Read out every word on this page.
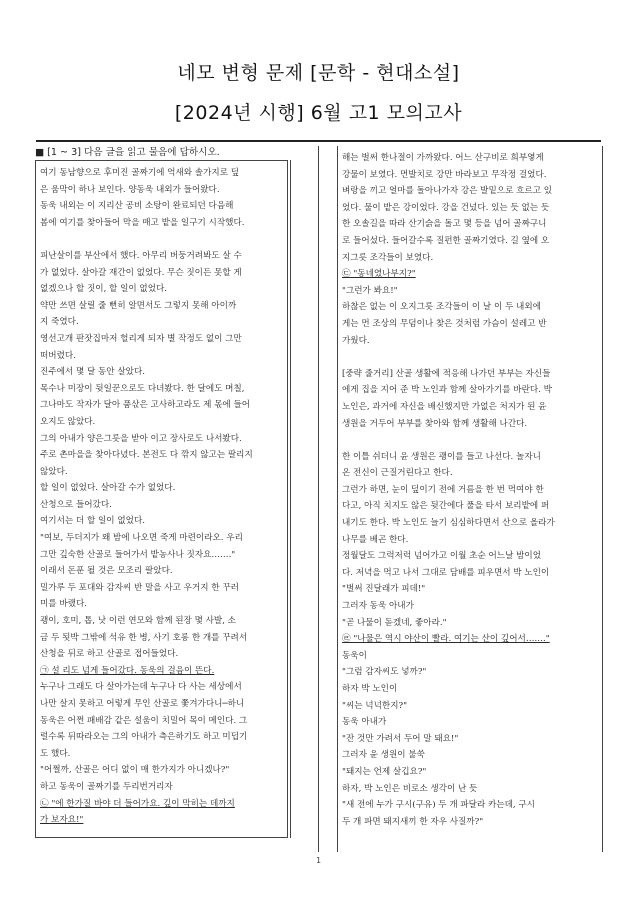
네모 변형 문제 [문학 - 현대소설]
[2024년 시행] 6월 고1 모의고사
■ [1 ~ 3] 다음 글을 읽고 물음에 답하시오.
여기 동남향으로 후미진 골짜기에 억새와 솔가지로 덮
은 움막이 하나 보인다. 양동욱 내외가 들어왔다.
동욱 내외는 이 지리산 공비 소탕이 완료되던 다음해
봄에 여기를 찾아들어 막을 매고 밭을 일구기 시작했다.
피난살이를 부산에서 했다. 아무리 버둥거려봐도 살 수
가 없었다. 살아갈 재간이 없었다. 무슨 짓이든 못할 게
없겠으나 할 짓이, 할 일이 없었다.
약만 쓰면 살릴 줄 뻔히 알면서도 그렇지 못해 아이까
지 죽였다.
영선고개 판잣집마저 헐리게 되자 별 작정도 없이 그만
떠버렸다.
진주에서 몇 달 동안 살았다.
목수나 미장이 뒷일꾼으로도 다녀봤다. 한 달에도 며칠,
그나마도 작자가 달아 품삯은 고사하고라도 제 몫에 들어
오지도 않았다.
그의 아내가 양은그릇을 받아 이고 장사로도 나서봤다.
주로 촌마을을 찾아다녔다. 본전도 다 깎지 않고는 팔리지
않았다.
할 일이 없었다. 살아갈 수가 없었다.
산청으로 들어갔다.
여기서는 더 할 일이 없었다.
"여보, 두더지가 왜 밤에 나오면 죽게 마련이라오. 우리
그만 깊숙한 산골로 들어가서 밭농사나 짓자요……."
이래서 돈푼 될 것은 모조리 팔았다.
밀가루 두 포대와 감자씨 반 말을 사고 우거지 한 꾸러
미를 바랬다.
괭이, 호미, 톱, 낫 이런 연모와 함께 된장 몇 사발, 소
금 두 됫박 그밖에 석유 한 병, 사기 호롱 한 개를 꾸려서
산청을 뒤로 하고 산골로 접어들었다.
㉠ 설 리도 넘게 들어갔다. 동욱의 걸음이 뜬다.
누구나 그래도 다 살아가는데 누구나 다 사는 세상에서
나만 살지 못하고 어렇게 무인 산골로 쫓겨가다니─하니
동욱은 어쩐 패배감 같은 설움이 치밀어 목이 메인다. 그
럴수록 뒤따라오는 그의 아내가 측은하기도 하고 미덥기
도 했다.
"어쩔까, 산골은 어디 없이 매 한가지가 아니겠나?"
하고 동욱이 골짜기를 두리번거리자
㉡ "에 한가질 바야 더 들어가요. 깊이 막히는 데까지
가 보자요!"
해는 벌써 한나절이 가까왔다. 어느 산구비로 희부옇게
강물이 보였다. 먼발치로 강만 바라보고 무작정 걸었다.
벼랑을 끼고 얼마를 돌아나가자 강은 발밑으로 흐르고 있
었다. 물이 밭은 강이었다. 강을 건넜다. 있는 듯 없는 듯
한 오솔길을 따라 산기슭을 돌고 몇 등을 넘어 골짜구니
로 들어섰다. 들어갈수록 질펀한 골짜기였다. 길 옆에 오
지그릇 조각들이 보였다.
㉢ "동네였나부지?"
"그런가 봐요!"
하찮은 없는 이 오지그릇 조각들이 이 날 이 두 내외에
게는 먼 조상의 무덤이나 찾은 것처럼 가슴이 설레고 반
가웠다.
[중략 줄거리] 산골 생활에 적응해 나가던 부부는 자신들
에게 집을 지어 준 박 노인과 함께 살아가기를 바란다. 박
노인은, 과거에 자신을 배신했지만 가없은 처지가 된 윤
생원을 거두어 부부를 찾아와 함께 생활해 나간다.
한 이틀 쉬더니 윤 생원은 괭이를 들고 나선다. 놀자니
온 전신이 근질거린다고 한다.
그런가 하면, 눈이 덮이기 전에 거름을 한 번 먹여야 한
다고, 아직 치지도 않은 뒷간에다 풀을 타서 보리밭에 퍼
내기도 한다. 박 노인도 늘기 심심하다면서 산으로 올라가
나무를 베곤 한다.
정월달도 그럭저럭 넘어가고 이월 초순 어느날 밤이었
다. 저녁을 먹고 나서 그대로 담배를 피우면서 박 노인이
"벌써 진달래가 피데!"
그러자 동욱 아내가
"곧 나물이 돋겠네, 좋아라."
㉣ "나물은 역시 야산이 빨라. 여기는 산이 깊어서……."
동욱이
"그럼 감자씨도 넣까?"
하자 박 노인이
"씨는 넉넉한지?"
동욱 아내가
"잔 것만 가려서 두어 말 돼요!"
그러자 윤 생원이 불쑥
"돼지는 언제 살깁요?"
하자, 박 노인은 비로소 생각이 난 듯
"새 전에 누가 구시(구유) 두 개 파달라 카는데, 구시
두 개 파면 돼지새끼 한 자우 사질까?"
1
